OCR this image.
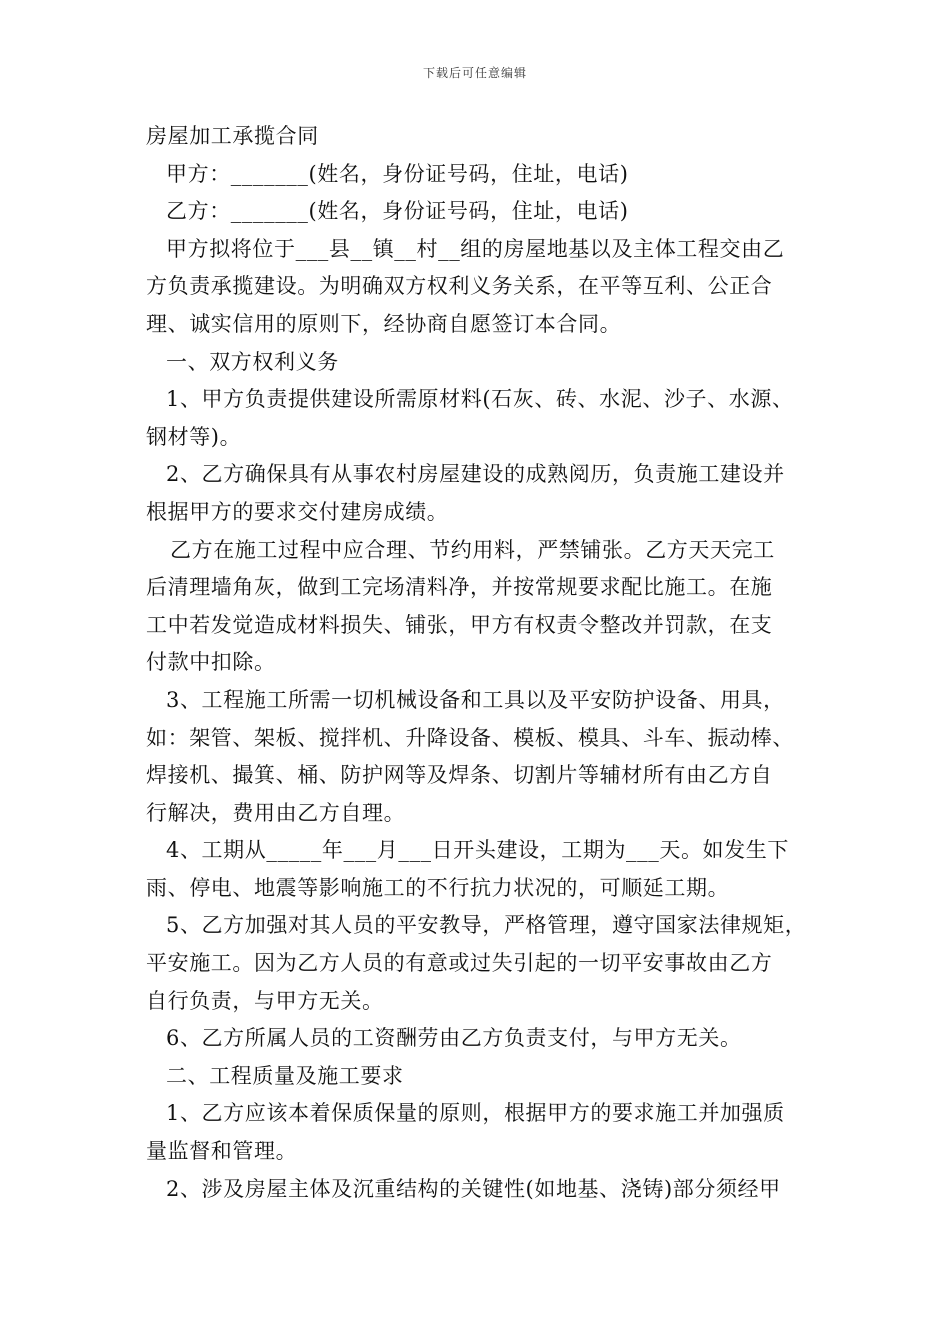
下载后可任意编辑
房屋加工承揽合同
甲方：_______(姓名，身份证号码，住址，电话)
乙方：_______(姓名，身份证号码，住址，电话)
甲方拟将位于___县__镇__村__组的房屋地基以及主体工程交由乙
方负责承揽建设。为明确双方权利义务关系，在平等互利、公正合
理、诚实信用的原则下，经协商自愿签订本合同。
一、双方权利义务
1、甲方负责提供建设所需原材料(石灰、砖、水泥、沙子、水源、
钢材等)。
2、乙方确保具有从事农村房屋建设的成熟阅历，负责施工建设并
根据甲方的要求交付建房成绩。
乙方在施工过程中应合理、节约用料，严禁铺张。乙方天天完工
后清理墙角灰，做到工完场清料净，并按常规要求配比施工。在施
工中若发觉造成材料损失、铺张，甲方有权责令整改并罚款，在支
付款中扣除。
3、工程施工所需一切机械设备和工具以及平安防护设备、用具，
如：架管、架板、搅拌机、升降设备、模板、模具、斗车、振动棒、
焊接机、撮箕、桶、防护网等及焊条、切割片等辅材所有由乙方自
行解决，费用由乙方自理。
4、工期从_____年___月___日开头建设，工期为___天。如发生下
雨、停电、地震等影响施工的不行抗力状况的，可顺延工期。
5、乙方加强对其人员的平安教导，严格管理，遵守国家法律规矩，
平安施工。因为乙方人员的有意或过失引起的一切平安事故由乙方
自行负责，与甲方无关。
6、乙方所属人员的工资酬劳由乙方负责支付，与甲方无关。
二、工程质量及施工要求
1、乙方应该本着保质保量的原则，根据甲方的要求施工并加强质
量监督和管理。
2、涉及房屋主体及沉重结构的关键性(如地基、浇铸)部分须经甲
